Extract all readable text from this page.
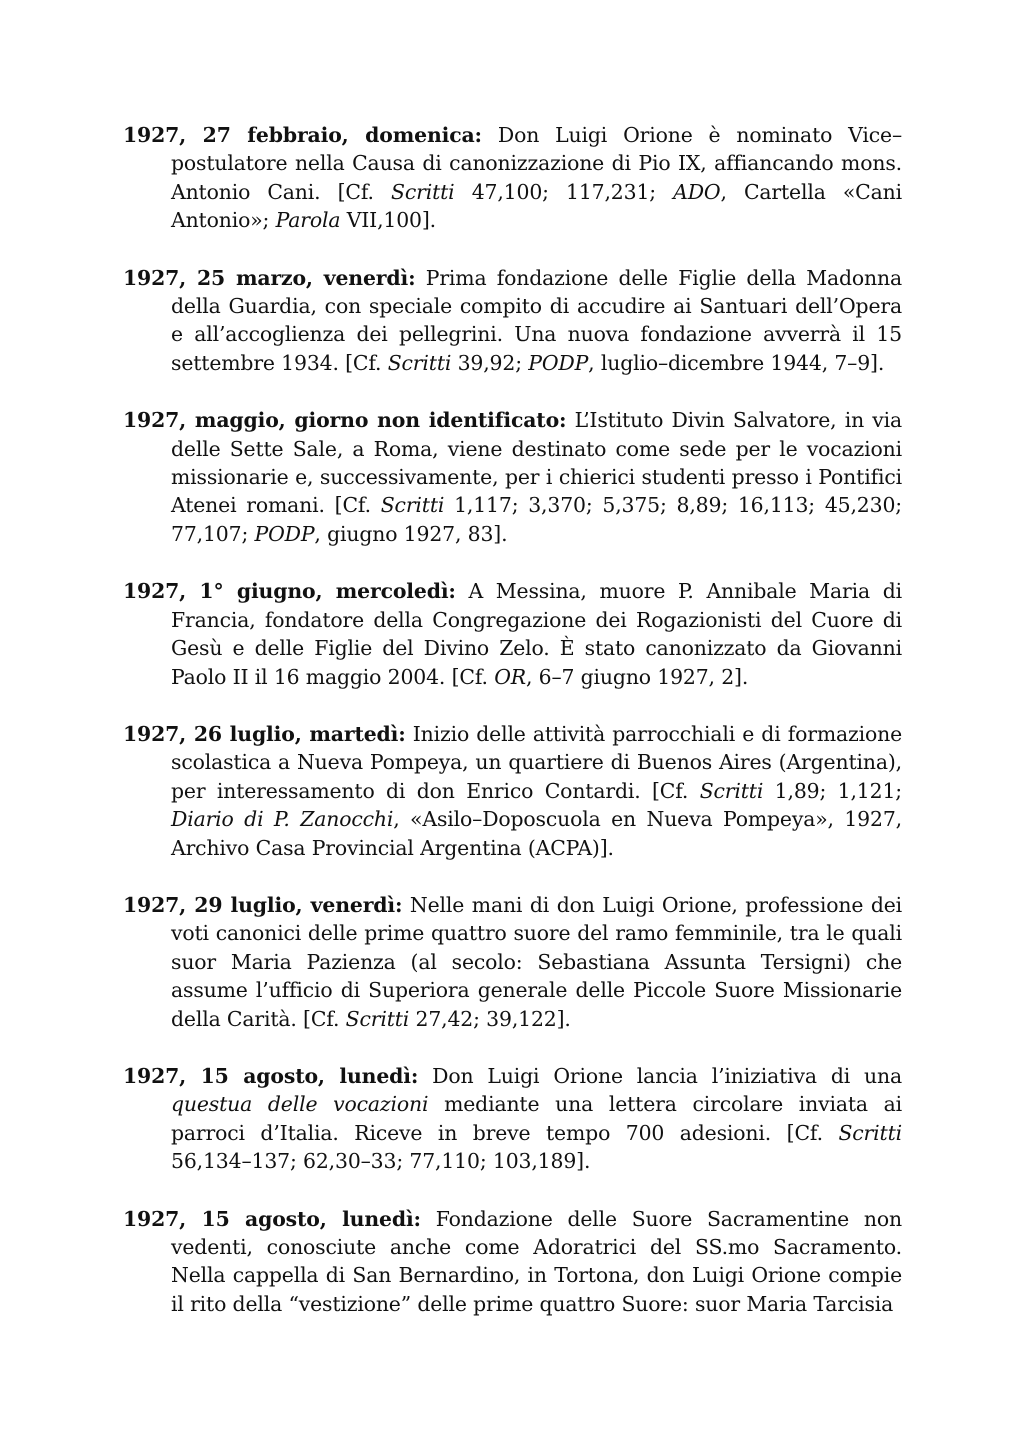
1927, 27 febbraio, domenica: Don Luigi Orione è nominato Vice–postulatore nella Causa di canonizzazione di Pio IX, affiancando mons. Antonio Cani. [Cf. Scritti 47,100; 117,231; ADO, Cartella «Cani Antonio»; Parola VII,100].

1927, 25 marzo, venerdì: Prima fondazione delle Figlie della Madonna della Guardia, con speciale compito di accudire ai Santuari dell’Opera e all’accoglienza dei pellegrini. Una nuova fondazione avverrà il 15 settembre 1934. [Cf. Scritti 39,92; PODP, luglio–dicembre 1944, 7–9].

1927, maggio, giorno non identificato: L’Istituto Divin Salvatore, in via delle Sette Sale, a Roma, viene destinato come sede per le vocazioni missionarie e, successivamente, per i chierici studenti presso i Pontifici Atenei romani. [Cf. Scritti 1,117; 3,370; 5,375; 8,89; 16,113; 45,230; 77,107; PODP, giugno 1927, 83].

1927, 1° giugno, mercoledì: A Messina, muore P. Annibale Maria di Francia, fondatore della Congregazione dei Rogazionisti del Cuore di Gesù e delle Figlie del Divino Zelo. È stato canonizzato da Giovanni Paolo II il 16 maggio 2004. [Cf. OR, 6–7 giugno 1927, 2].

1927, 26 luglio, martedì: Inizio delle attività parrocchiali e di formazione scolastica a Nueva Pompeya, un quartiere di Buenos Aires (Argentina), per interessamento di don Enrico Contardi. [Cf. Scritti 1,89; 1,121; Diario di P. Zanocchi, «Asilo–Doposcuola en Nueva Pompeya», 1927, Archivo Casa Provincial Argentina (ACPA)].

1927, 29 luglio, venerdì: Nelle mani di don Luigi Orione, professione dei voti canonici delle prime quattro suore del ramo femminile, tra le quali suor Maria Pazienza (al secolo: Sebastiana Assunta Tersigni) che assume l’ufficio di Superiora generale delle Piccole Suore Missionarie della Carità. [Cf. Scritti 27,42; 39,122].

1927, 15 agosto, lunedì: Don Luigi Orione lancia l’iniziativa di una questua delle vocazioni mediante una lettera circolare inviata ai parroci d’Italia. Riceve in breve tempo 700 adesioni. [Cf. Scritti 56,134–137; 62,30–33; 77,110; 103,189].

1927, 15 agosto, lunedì: Fondazione delle Suore Sacramentine non vedenti, conosciute anche come Adoratrici del SS.mo Sacramento. Nella cappella di San Bernardino, in Tortona, don Luigi Orione compie il rito della “vestizione” delle prime quattro Suore: suor Maria Tarcisia
